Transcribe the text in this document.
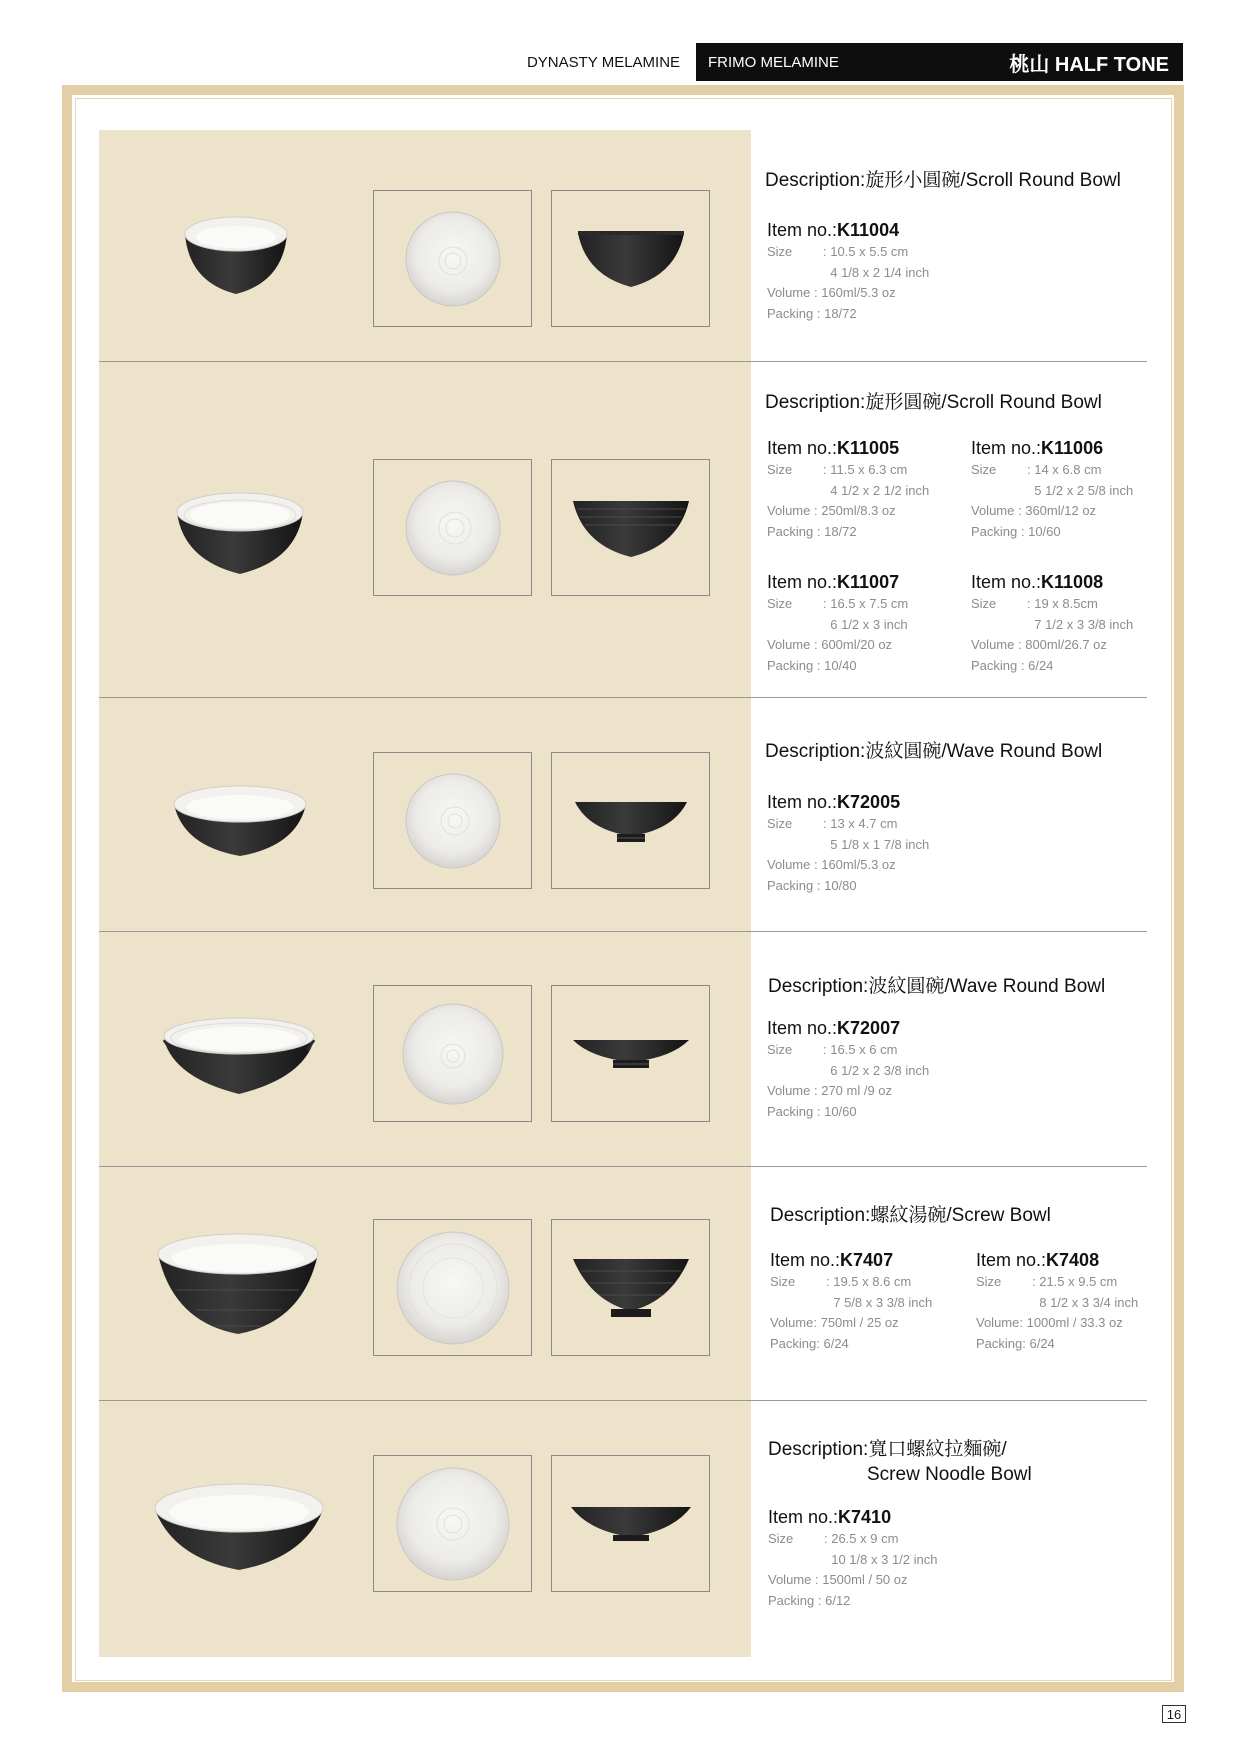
DYNASTY MELAMINE	FRIMO MELAMINE	桃山 HALF TONE
Description:旋形小圓碗/Scroll Round Bowl
Item no.:K11004
Size : 10.5 x 5.5 cm
4 1/8 x 2 1/4 inch
Volume : 160ml/5.3 oz
Packing : 18/72
Description:旋形圓碗/Scroll Round Bowl
Item no.:K11005
Size : 11.5 x 6.3 cm
4 1/2 x 2 1/2 inch
Volume : 250ml/8.3 oz
Packing : 18/72
Item no.:K11006
Size : 14 x 6.8 cm
5 1/2 x 2 5/8 inch
Volume : 360ml/12 oz
Packing : 10/60
Item no.:K11007
Size : 16.5 x 7.5 cm
6 1/2 x 3 inch
Volume : 600ml/20 oz
Packing : 10/40
Item no.:K11008
Size : 19 x 8.5cm
7 1/2 x 3 3/8 inch
Volume : 800ml/26.7 oz
Packing : 6/24
Description:波紋圓碗/Wave Round Bowl
Item no.:K72005
Size : 13 x 4.7 cm
5 1/8 x 1 7/8 inch
Volume : 160ml/5.3 oz
Packing : 10/80
Description:波紋圓碗/Wave Round Bowl
Item no.:K72007
Size : 16.5 x 6 cm
6 1/2 x 2 3/8 inch
Volume : 270 ml /9 oz
Packing : 10/60
Description:螺紋湯碗/Screw Bowl
Item no.:K7407
Size : 19.5 x 8.6 cm
7 5/8 x 3 3/8 inch
Volume: 750ml / 25 oz
Packing: 6/24
Item no.:K7408
Size : 21.5 x 9.5 cm
8 1/2 x 3 3/4 inch
Volume: 1000ml / 33.3 oz
Packing: 6/24
Description:寬口螺紋拉麵碗/
Screw Noodle Bowl
Item no.:K7410
Size : 26.5 x 9 cm
10 1/8 x 3 1/2 inch
Volume : 1500ml / 50 oz
Packing : 6/12
16
